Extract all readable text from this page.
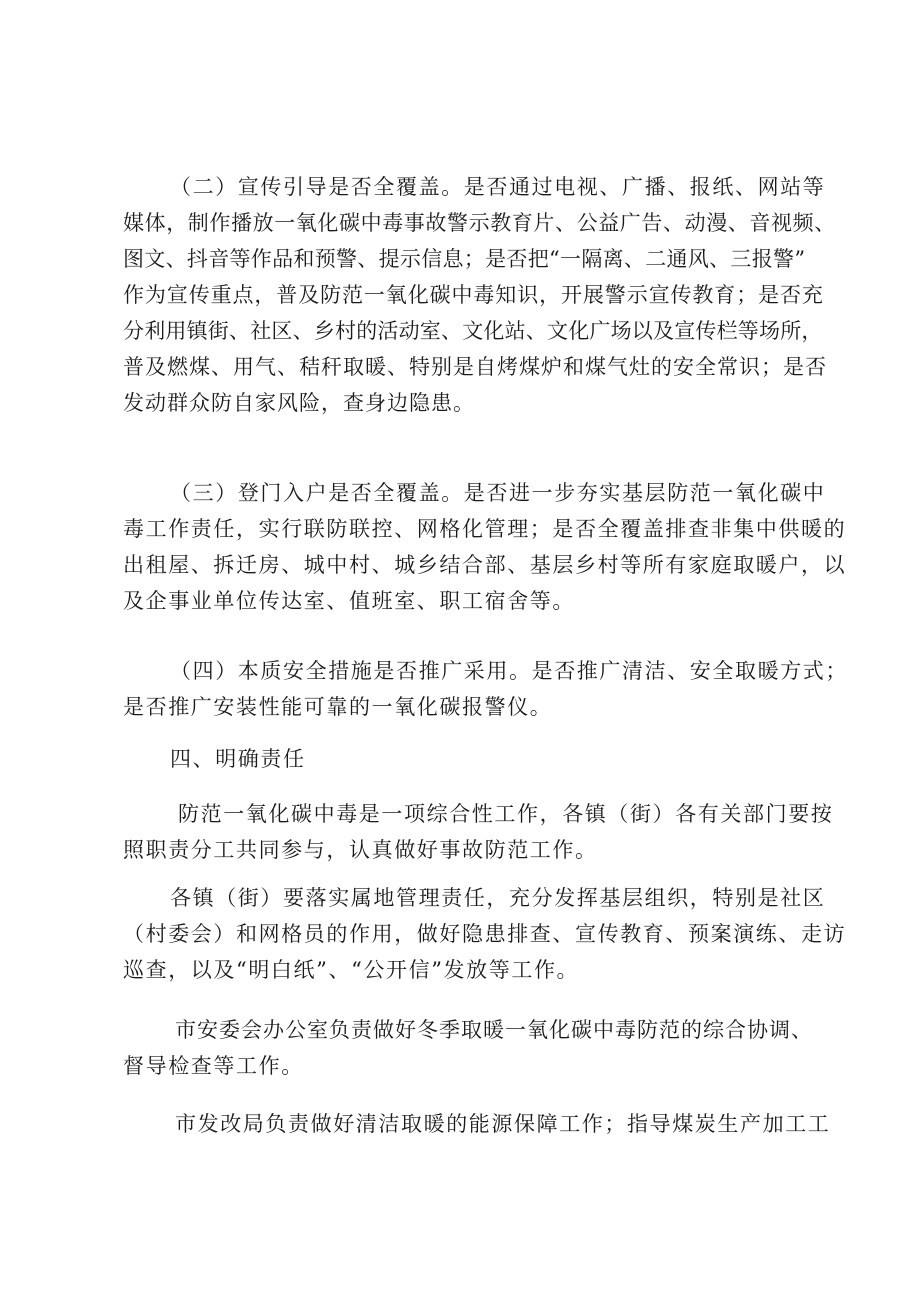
（二）宣传引导是否全覆盖。是否通过电视、广播、报纸、网站等
媒体，制作播放一氧化碳中毒事故警示教育片、公益广告、动漫、音视频、
图文、抖音等作品和预警、提示信息；是否把“一隔离、二通风、三报警”
作为宣传重点，普及防范一氧化碳中毒知识，开展警示宣传教育；是否充
分利用镇街、社区、乡村的活动室、文化站、文化广场以及宣传栏等场所，
普及燃煤、用气、秸秆取暖、特别是自烤煤炉和煤气灶的安全常识；是否
发动群众防自家风险，查身边隐患。
（三）登门入户是否全覆盖。是否进一步夯实基层防范一氧化碳中
毒工作责任，实行联防联控、网格化管理；是否全覆盖排查非集中供暖的
出租屋、拆迁房、城中村、城乡结合部、基层乡村等所有家庭取暖户，以
及企事业单位传达室、值班室、职工宿舍等。
（四）本质安全措施是否推广采用。是否推广清洁、安全取暖方式；
是否推广安装性能可靠的一氧化碳报警仪。
四、明确责任
防范一氧化碳中毒是一项综合性工作，各镇（街）各有关部门要按
照职责分工共同参与，认真做好事故防范工作。
各镇（街）要落实属地管理责任，充分发挥基层组织，特别是社区
（村委会）和网格员的作用，做好隐患排查、宣传教育、预案演练、走访
巡查，以及“明白纸”、“公开信”发放等工作。
市安委会办公室负责做好冬季取暖一氧化碳中毒防范的综合协调、
督导检查等工作。
市发改局负责做好清洁取暖的能源保障工作；指导煤炭生产加工工
